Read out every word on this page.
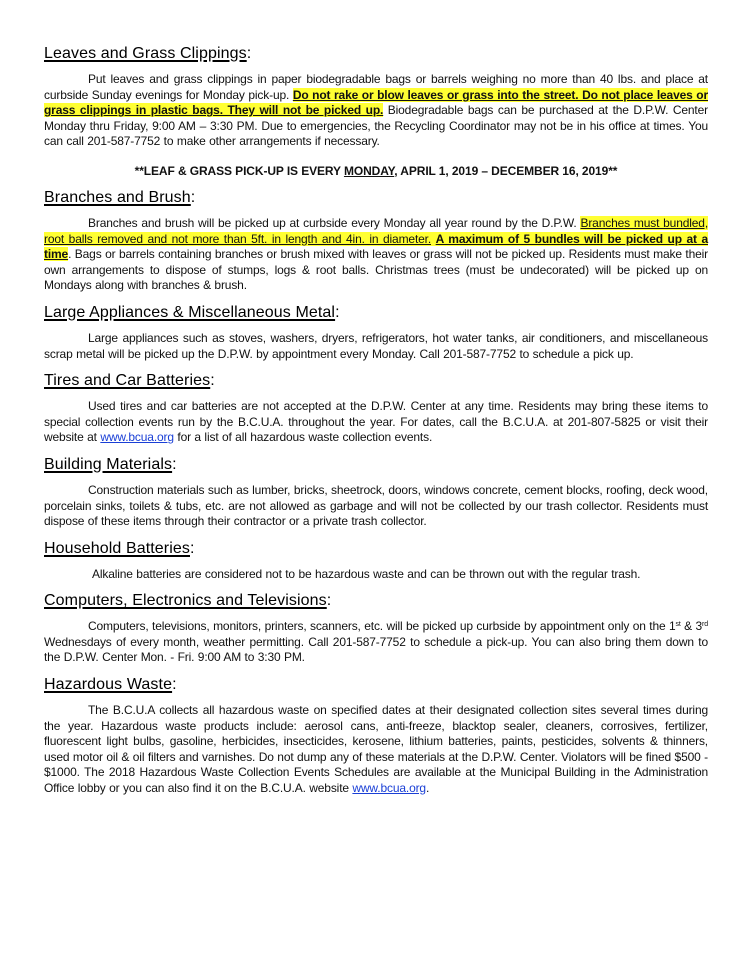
Leaves and Grass Clippings:

Put leaves and grass clippings in paper biodegradable bags or barrels weighing no more than 40 lbs. and place at curbside Sunday evenings for Monday pick-up. Do not rake or blow leaves or grass into the street. Do not place leaves or grass clippings in plastic bags. They will not be picked up. Biodegradable bags can be purchased at the D.P.W. Center Monday thru Friday, 9:00 AM – 3:30 PM. Due to emergencies, the Recycling Coordinator may not be in his office at times. You can call 201-587-7752 to make other arrangements if necessary.

**LEAF & GRASS PICK-UP IS EVERY MONDAY, APRIL 1, 2019 – DECEMBER 16, 2019**
Branches and Brush:

Branches and brush will be picked up at curbside every Monday all year round by the D.P.W. Branches must bundled, root balls removed and not more than 5ft. in length and 4in. in diameter. A maximum of 5 bundles will be picked up at a time. Bags or barrels containing branches or brush mixed with leaves or grass will not be picked up. Residents must make their own arrangements to dispose of stumps, logs & root balls. Christmas trees (must be undecorated) will be picked up on Mondays along with branches & brush.

Large Appliances & Miscellaneous Metal:

Large appliances such as stoves, washers, dryers, refrigerators, hot water tanks, air conditioners, and miscellaneous scrap metal will be picked up the D.P.W. by appointment every Monday. Call 201-587-7752 to schedule a pick up.

Tires and Car Batteries:

Used tires and car batteries are not accepted at the D.P.W. Center at any time. Residents may bring these items to special collection events run by the B.C.U.A. throughout the year. For dates, call the B.C.U.A. at 201-807-5825 or visit their website at www.bcua.org for a list of all hazardous waste collection events.

Building Materials:

Construction materials such as lumber, bricks, sheetrock, doors, windows concrete, cement blocks, roofing, deck wood, porcelain sinks, toilets & tubs, etc. are not allowed as garbage and will not be collected by our trash collector. Residents must dispose of these items through their contractor or a private trash collector.

Household Batteries:

Alkaline batteries are considered not to be hazardous waste and can be thrown out with the regular trash.

Computers, Electronics and Televisions:

Computers, televisions, monitors, printers, scanners, etc. will be picked up curbside by appointment only on the 1st & 3rd Wednesdays of every month, weather permitting. Call 201-587-7752 to schedule a pick-up. You can also bring them down to the D.P.W. Center Mon. - Fri. 9:00 AM to 3:30 PM.

Hazardous Waste:

The B.C.U.A collects all hazardous waste on specified dates at their designated collection sites several times during the year. Hazardous waste products include: aerosol cans, anti-freeze, blacktop sealer, cleaners, corrosives, fertilizer, fluorescent light bulbs, gasoline, herbicides, insecticides, kerosene, lithium batteries, paints, pesticides, solvents & thinners, used motor oil & oil filters and varnishes. Do not dump any of these materials at the D.P.W. Center. Violators will be fined $500 - $1000. The 2018 Hazardous Waste Collection Events Schedules are available at the Municipal Building in the Administration Office lobby or you can also find it on the B.C.U.A. website www.bcua.org.
